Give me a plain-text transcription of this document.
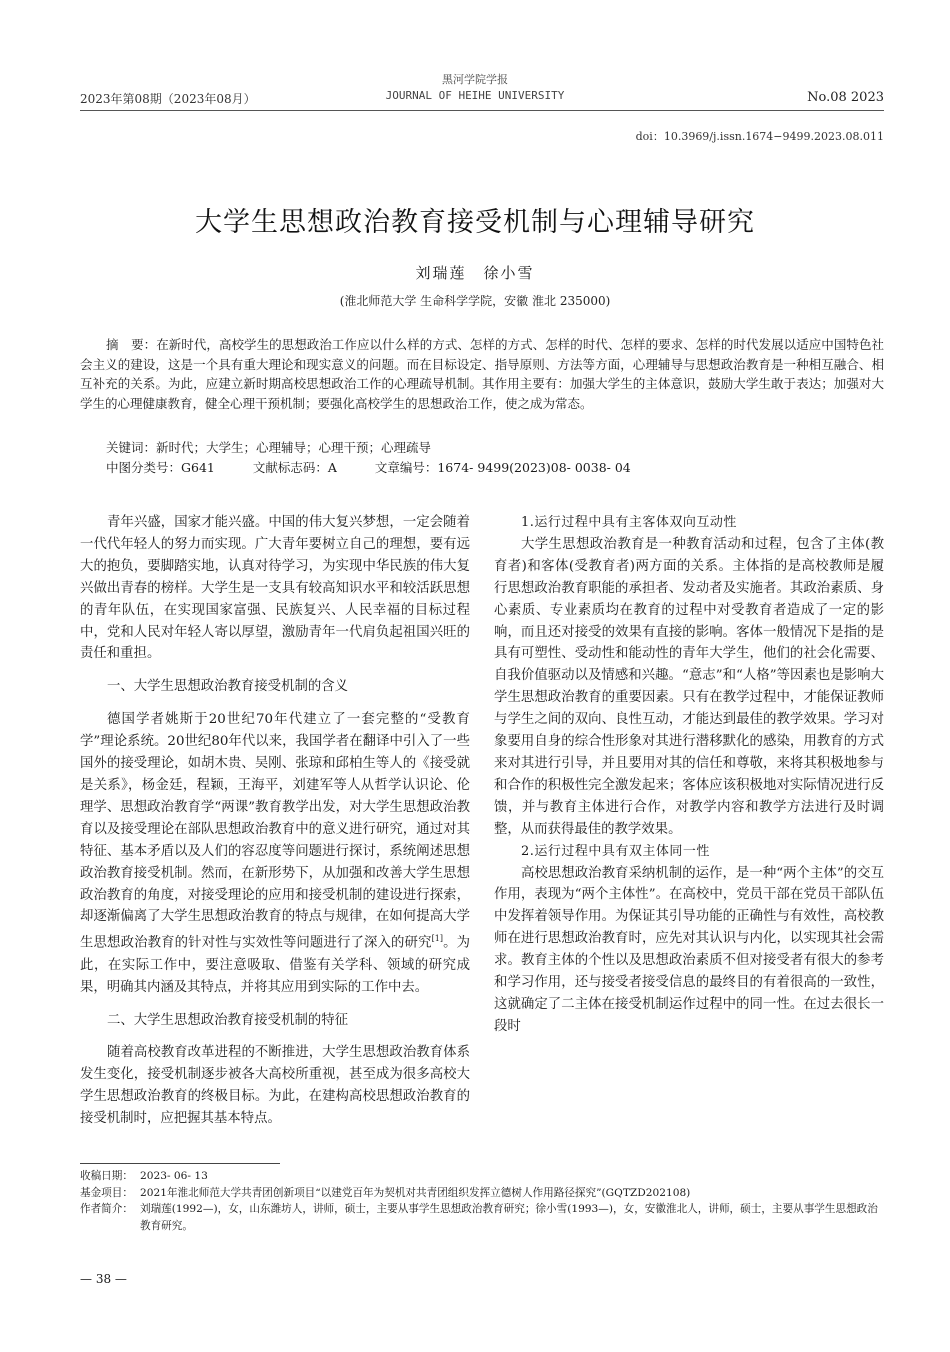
2023年第08期（2023年08月）
黑河学院学报
JOURNAL OF HEIHE UNIVERSITY	No.08 2023
doi：10.3969/j.issn.1674−9499.2023.08.011
大学生思想政治教育接受机制与心理辅导研究
刘瑞莲　徐小雪
(淮北师范大学 生命科学学院，安徽 淮北 235000)
摘　要：在新时代，高校学生的思想政治工作应以什么样的方式、怎样的方式、怎样的时代、怎样的要求、怎样的时代发展以适应中国特色社会主义的建设，这是一个具有重大理论和现实意义的问题。而在目标设定、指导原则、方法等方面，心理辅导与思想政治教育是一种相互融合、相互补充的关系。为此，应建立新时期高校思想政治工作的心理疏导机制。其作用主要有：加强大学生的主体意识，鼓励大学生敢于表达；加强对大学生的心理健康教育，健全心理干预机制；要强化高校学生的思想政治工作，使之成为常态。
关键词：新时代；大学生；心理辅导；心理干预；心理疏导
中图分类号：G641	文献标志码：A	文章编号：1674- 9499(2023)08- 0038- 04

青年兴盛，国家才能兴盛。中国的伟大复兴梦想，一定会随着一代代年轻人的努力而实现。广大青年要树立自己的理想，要有远大的抱负，要脚踏实地，认真对待学习，为实现中华民族的伟大复兴做出青春的榜样。大学生是一支具有较高知识水平和较活跃思想的青年队伍，在实现国家富强、民族复兴、人民幸福的目标过程中，党和人民对年轻人寄以厚望，激励青年一代肩负起祖国兴旺的责任和重担。

一、大学生思想政治教育接受机制的含义

德国学者姚斯于20世纪70年代建立了一套完整的“受教育学”理论系统。20世纪80年代以来，我国学者在翻译中引入了一些国外的接受理论，如胡木贵、吴刚、张琼和邱柏生等人的《接受就是关系》，杨金廷，程颖，王海平，刘建军等人从哲学认识论、伦理学、思想政治教育学“两课”教育教学出发，对大学生思想政治教育以及接受理论在部队思想政治教育中的意义进行研究，通过对其特征、基本矛盾以及人们的容忍度等问题进行探讨，系统阐述思想政治教育接受机制。然而，在新形势下，从加强和改善大学生思想政治教育的角度，对接受理论的应用和接受机制的建设进行探索，却逐渐偏离了大学生思想政治教育的特点与规律，在如何提高大学生思想政治教育的针对性与实效性等问题进行了深入的研究[1]。为此，在实际工作中，要注意吸取、借鉴有关学科、领域的研究成果，明确其内涵及其特点，并将其应用到实际的工作中去。

二、大学生思想政治教育接受机制的特征

随着高校教育改革进程的不断推进，大学生思想政治教育体系发生变化，接受机制逐步被各大高校所重视，甚至成为很多高校大学生思想政治教育的终极目标。为此，在建构高校思想政治教育的接受机制时，应把握其基本特点。

1.运行过程中具有主客体双向互动性

大学生思想政治教育是一种教育活动和过程，包含了主体(教育者)和客体(受教育者)两方面的关系。主体指的是高校教师是履行思想政治教育职能的承担者、发动者及实施者。其政治素质、身心素质、专业素质均在教育的过程中对受教育者造成了一定的影响，而且还对接受的效果有直接的影响。客体一般情况下是指的是具有可塑性、受动性和能动性的青年大学生，他们的社会化需要、自我价值驱动以及情感和兴趣。“意志”和“人格”等因素也是影响大学生思想政治教育的重要因素。只有在教学过程中，才能保证教师与学生之间的双向、良性互动，才能达到最佳的教学效果。学习对象要用自身的综合性形象对其进行潜移默化的感染，用教育的方式来对其进行引导，并且要用对其的信任和尊敬，来将其积极地参与和合作的积极性完全激发起来；客体应该积极地对实际情况进行反馈，并与教育主体进行合作，对教学内容和教学方法进行及时调整，从而获得最佳的教学效果。

2.运行过程中具有双主体同一性

高校思想政治教育采纳机制的运作，是一种“两个主体”的交互作用，表现为“两个主体性”。在高校中，党员干部在党员干部队伍中发挥着领导作用。为保证其引导功能的正确性与有效性，高校教师在进行思想政治教育时，应先对其认识与内化，以实现其社会需求。教育主体的个性以及思想政治素质不但对接受者有很大的参考和学习作用，还与接受者接受信息的最终目的有着很高的一致性，这就确定了二主体在接受机制运作过程中的同一性。在过去很长一段时

收稿日期： 2023- 06- 13
基金项目： 2021年淮北师范大学共青团创新项目“以建党百年为契机对共青团组织发挥立德树人作用路径探究”(GQTZD202108)
作者简介： 刘瑞莲(1992—)，女，山东潍坊人，讲师，硕士，主要从事学生思想政治教育研究；徐小雪(1993—)，女，安徽淮北人，讲师，硕士，主要从事学生思想政治教育研究。
— 38 —
